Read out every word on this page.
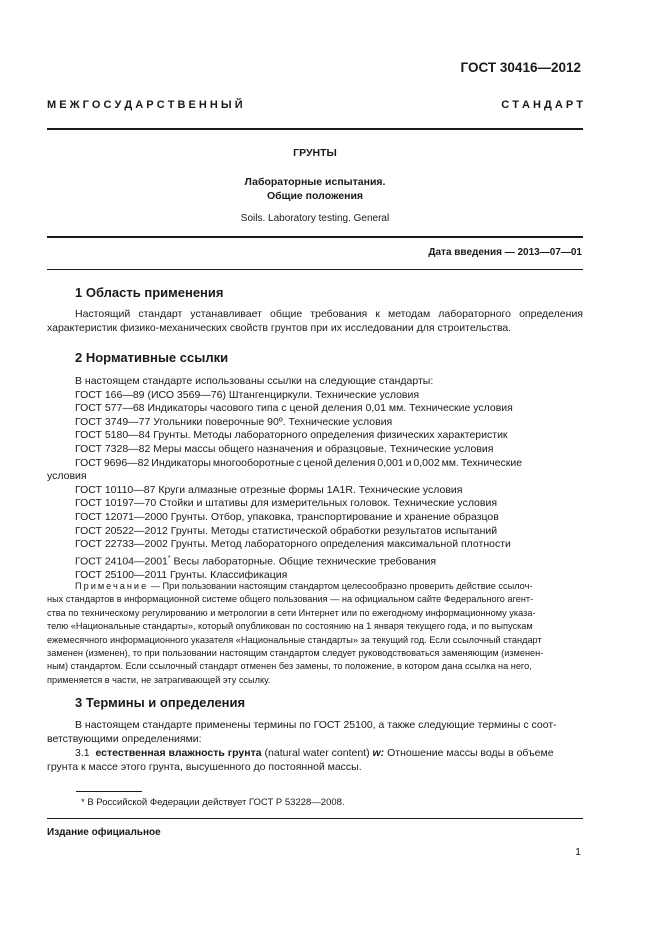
ГОСТ 30416—2012
М Е Ж Г О С У Д А Р С Т В Е Н Н Ы Й	С Т А Н Д А Р Т
ГРУНТЫ
Лабораторные испытания.
Общие положения
Soils. Laboratory testing. General
Дата введения — 2013—07—01
1 Область применения
Настоящий стандарт устанавливает общие требования к методам лабораторного определения характеристик физико-механических свойств грунтов при их исследовании для строительства.
2 Нормативные ссылки
В настоящем стандарте использованы ссылки на следующие стандарты:
ГОСТ 166—89 (ИСО 3569—76) Штангенциркули. Технические условия
ГОСТ 577—68 Индикаторы часового типа с ценой деления 0,01 мм. Технические условия
ГОСТ 3749—77 Угольники поверочные 90º. Технические условия
ГОСТ 5180—84 Грунты. Методы лабораторного определения физических характеристик
ГОСТ 7328—82 Меры массы общего назначения и образцовые. Технические условия
ГОСТ 9696—82 Индикаторы многооборотные с ценой деления 0,001 и 0,002 мм. Технические
условия
ГОСТ 10110—87 Круги алмазные отрезные формы 1A1R. Технические условия
ГОСТ 10197—70 Стойки и штативы для измерительных головок. Технические условия
ГОСТ 12071—2000 Грунты. Отбор, упаковка, транспортирование и хранение образцов
ГОСТ 20522—2012 Грунты. Методы статистической обработки результатов испытаний
ГОСТ 22733—2002 Грунты. Метод лабораторного определения максимальной плотности
ГОСТ 24104—2001* Весы лабораторные. Общие технические требования
ГОСТ 25100—2011 Грунты. Классификация
Примечание — При пользовании настоящим стандартом целесообразно проверить действие ссылоч-
ных стандартов в информационной системе общего пользования — на официальном сайте Федерального агент-
ства по техническому регулированию и метрологии в сети Интернет или по ежегодному информационному указа-
телю «Национальные стандарты», который опубликован по состоянию на 1 января текущего года, и по выпускам
ежемесячного информационного указателя «Национальные стандарты» за текущий год. Если ссылочный стандарт
заменен (изменен), то при пользовании настоящим стандартом следует руководствоваться заменяющим (изменен-
ным) стандартом. Если ссылочный стандарт отменен без замены, то положение, в котором дана ссылка на него,
применяется в части, не затрагивающей эту ссылку.
3 Термины и определения
В настоящем стандарте применены термины по ГОСТ 25100, а также следующие термины с соот-
ветствующими определениями:
3.1 естественная влажность грунта (natural water content) w: Отношение массы воды в объеме
грунта к массе этого грунта, высушенного до постоянной массы.
* В Российской Федерации действует ГОСТ Р 53228—2008.
Издание официальное
1
